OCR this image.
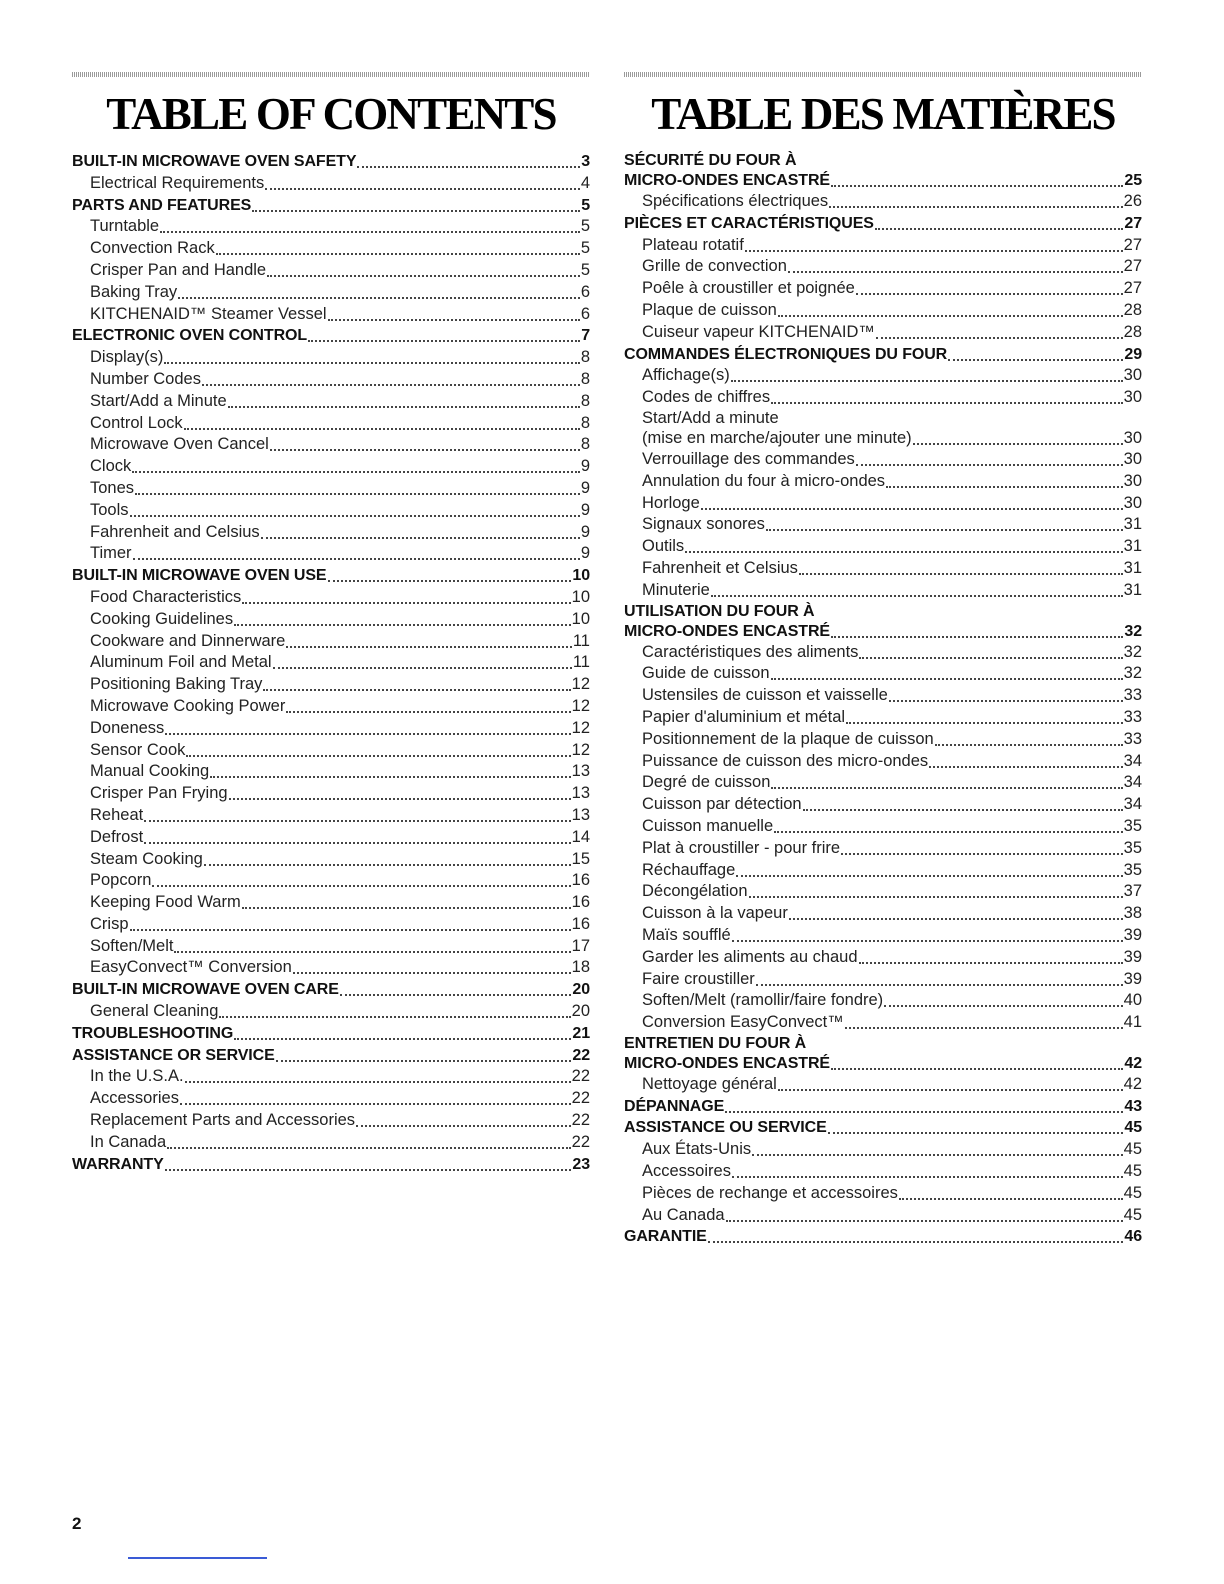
TABLE OF CONTENTS
BUILT-IN MICROWAVE OVEN SAFETY	3
Electrical Requirements	4
PARTS AND FEATURES	5
Turntable	5
Convection Rack	5
Crisper Pan and Handle	5
Baking Tray	6
KITCHENAID™ Steamer Vessel	6
ELECTRONIC OVEN CONTROL	7
Display(s)	8
Number Codes	8
Start/Add a Minute	8
Control Lock	8
Microwave Oven Cancel	8
Clock	9
Tones	9
Tools	9
Fahrenheit and Celsius	9
Timer	9
BUILT-IN MICROWAVE OVEN USE	10
Food Characteristics	10
Cooking Guidelines	10
Cookware and Dinnerware	11
Aluminum Foil and Metal	11
Positioning Baking Tray	12
Microwave Cooking Power	12
Doneness	12
Sensor Cook	12
Manual Cooking	13
Crisper Pan Frying	13
Reheat	13
Defrost	14
Steam Cooking	15
Popcorn	16
Keeping Food Warm	16
Crisp	16
Soften/Melt	17
EasyConvect™ Conversion	18
BUILT-IN MICROWAVE OVEN CARE	20
General Cleaning	20
TROUBLESHOOTING	21
ASSISTANCE OR SERVICE	22
In the U.S.A.	22
Accessories	22
Replacement Parts and Accessories	22
In Canada	22
WARRANTY	23
TABLE DES MATIÈRES
SÉCURITÉ DU FOUR À
MICRO-ONDES ENCASTRÉ	25
Spécifications électriques	26
PIÈCES ET CARACTÉRISTIQUES	27
Plateau rotatif	27
Grille de convection	27
Poêle à croustiller et poignée	27
Plaque de cuisson	28
Cuiseur vapeur KITCHENAID™	28
COMMANDES ÉLECTRONIQUES DU FOUR	29
Affichage(s)	30
Codes de chiffres	30
Start/Add a minute
(mise en marche/ajouter une minute)	30
Verrouillage des commandes	30
Annulation du four à micro-ondes	30
Horloge	30
Signaux sonores	31
Outils	31
Fahrenheit et Celsius	31
Minuterie	31
UTILISATION DU FOUR À
MICRO-ONDES ENCASTRÉ	32
Caractéristiques des aliments	32
Guide de cuisson	32
Ustensiles de cuisson et vaisselle	33
Papier d'aluminium et métal	33
Positionnement de la plaque de cuisson	33
Puissance de cuisson des micro-ondes	34
Degré de cuisson	34
Cuisson par détection	34
Cuisson manuelle	35
Plat à croustiller - pour frire	35
Réchauffage	35
Décongélation	37
Cuisson à la vapeur	38
Maïs soufflé	39
Garder les aliments au chaud	39
Faire croustiller	39
Soften/Melt (ramollir/faire fondre)	40
Conversion EasyConvect™	41
ENTRETIEN DU FOUR À
MICRO-ONDES ENCASTRÉ	42
Nettoyage général	42
DÉPANNAGE	43
ASSISTANCE OU SERVICE	45
Aux États-Unis	45
Accessoires	45
Pièces de rechange et accessoires	45
Au Canada	45
GARANTIE	46
2
